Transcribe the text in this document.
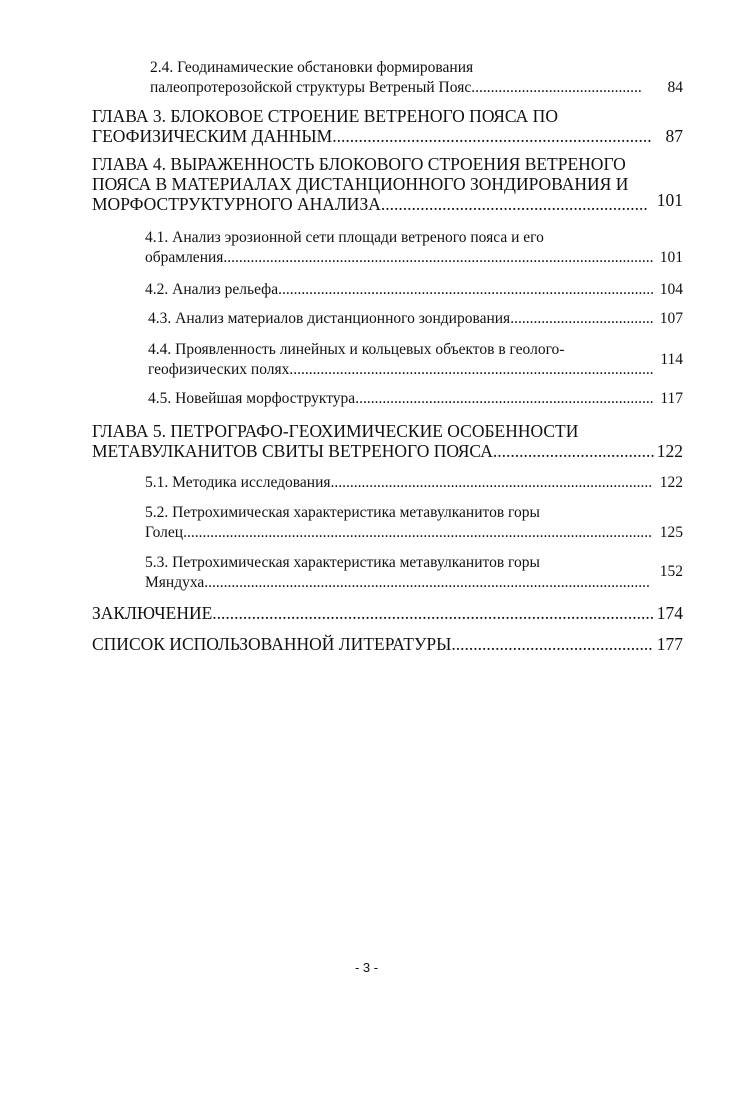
2.4. Геодинамические обстановки формирования
палеопротерозойской структуры Ветреный Пояс............................................	84
ГЛАВА 3. БЛОКОВОЕ СТРОЕНИЕ ВЕТРЕНОГО ПОЯСА ПО
ГЕОФИЗИЧЕСКИМ ДАННЫМ......................................................................... 87
ГЛАВА 4. ВЫРАЖЕННОСТЬ БЛОКОВОГО СТРОЕНИЯ ВЕТРЕНОГО
ПОЯСА В МАТЕРИАЛАХ ДИСТАНЦИОННОГО ЗОНДИРОВАНИЯ И
МОРФОСТРУКТУРНОГО АНАЛИЗА............................................................. 101
4.1. Анализ эрозионной сети площади ветреного пояса и его
обрамления............................................................................................................... 101
4.2. Анализ рельефа................................................................................................. 104
4.3. Анализ материалов дистанционного зондирования..................................... 107
4.4. Проявленность линейных и кольцевых объектов в геолого-
геофизических полях..............................................................................................
114
4.5. Новейшая морфоструктура............................................................................. 117
ГЛАВА 5. ПЕТРОГРАФО-ГЕОХИМИЧЕСКИЕ ОСОБЕННОСТИ
МЕТАВУЛКАНИТОВ СВИТЫ ВЕТРЕНОГО ПОЯСА..................................... 122
5.1. Методика исследования................................................................................... 122
5.2. Петрохимическая характеристика метавулканитов горы
Голец......................................................................................................................... 125
5.3. Петрохимическая характеристика метавулканитов горы
Мяндуха...................................................................................................................
152
ЗАКЛЮЧЕНИЕ..................................................................................................... 174
СПИСОК ИСПОЛЬЗОВАННОЙ ЛИТЕРАТУРЫ.............................................. 177
- 3 -
